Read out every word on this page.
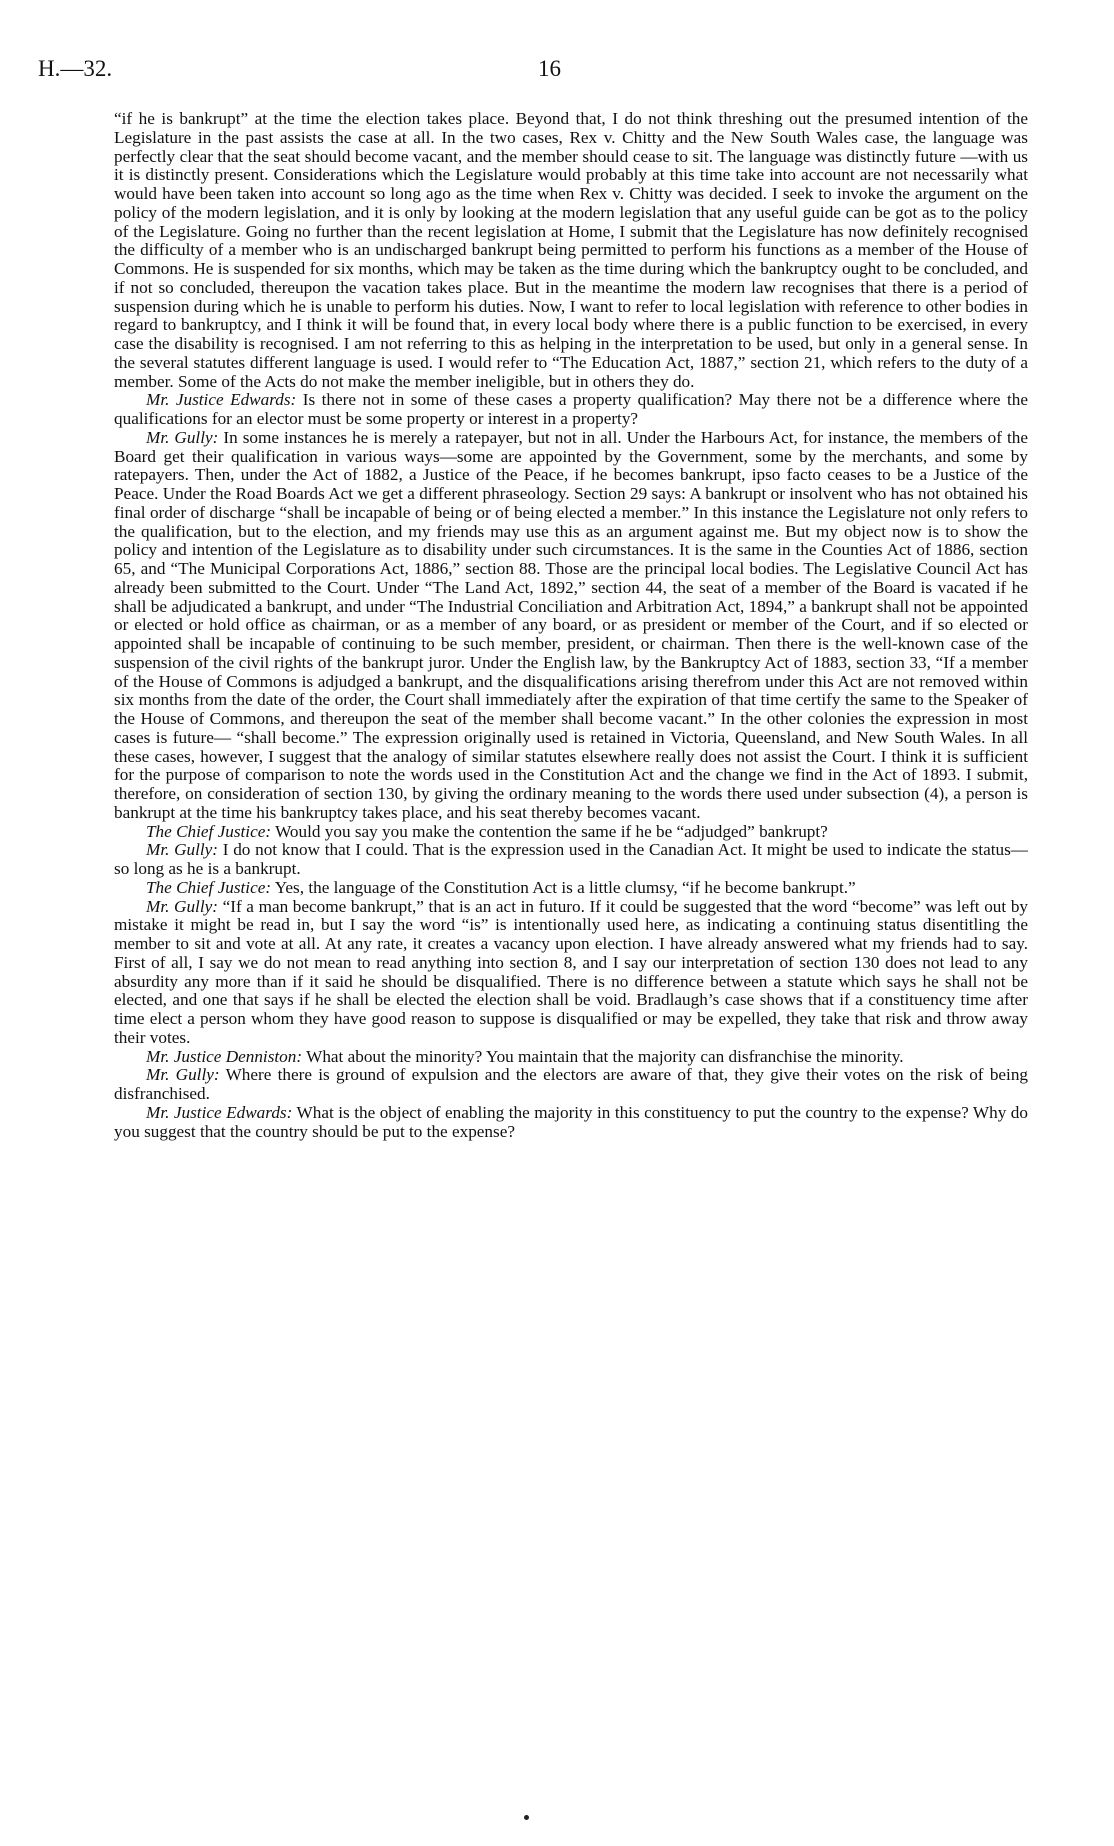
H.—32.	16

“if he is bankrupt” at the time the election takes place. Beyond that, I do not think threshing out the presumed intention of the Legislature in the past assists the case at all. In the two cases, Rex v. Chitty and the New South Wales case, the language was perfectly clear that the seat should become vacant, and the member should cease to sit. The language was distinctly future —with us it is distinctly present. Considerations which the Legislature would probably at this time take into account are not necessarily what would have been taken into account so long ago as the time when Rex v. Chitty was decided. I seek to invoke the argument on the policy of the modern legislation, and it is only by looking at the modern legislation that any useful guide can be got as to the policy of the Legislature. Going no further than the recent legislation at Home, I submit that the Legislature has now definitely recognised the difficulty of a member who is an undischarged bankrupt being permitted to perform his functions as a member of the House of Commons. He is suspended for six months, which may be taken as the time during which the bankruptcy ought to be concluded, and if not so concluded, thereupon the vacation takes place. But in the meantime the modern law recognises that there is a period of suspension during which he is unable to perform his duties. Now, I want to refer to local legislation with reference to other bodies in regard to bankruptcy, and I think it will be found that, in every local body where there is a public function to be exercised, in every case the disability is recognised. I am not referring to this as helping in the interpretation to be used, but only in a general sense. In the several statutes different language is used. I would refer to “The Education Act, 1887,” section 21, which refers to the duty of a member. Some of the Acts do not make the member ineligible, but in others they do.

Mr. Justice Edwards: Is there not in some of these cases a property qualification? May there not be a difference where the qualifications for an elector must be some property or interest in a property?

Mr. Gully: In some instances he is merely a ratepayer, but not in all. Under the Harbours Act, for instance, the members of the Board get their qualification in various ways—some are appointed by the Government, some by the merchants, and some by ratepayers. Then, under the Act of 1882, a Justice of the Peace, if he becomes bankrupt, ipso facto ceases to be a Justice of the Peace. Under the Road Boards Act we get a different phraseology. Section 29 says: A bankrupt or insolvent who has not obtained his final order of discharge “shall be incapable of being or of being elected a member.” In this instance the Legislature not only refers to the qualification, but to the election, and my friends may use this as an argument against me. But my object now is to show the policy and intention of the Legislature as to disability under such circumstances. It is the same in the Counties Act of 1886, section 65, and “The Municipal Corporations Act, 1886,” section 88. Those are the principal local bodies. The Legislative Council Act has already been submitted to the Court. Under “The Land Act, 1892,” section 44, the seat of a member of the Board is vacated if he shall be adjudicated a bankrupt, and under “The Industrial Conciliation and Arbitration Act, 1894,” a bankrupt shall not be appointed or elected or hold office as chairman, or as a member of any board, or as president or member of the Court, and if so elected or appointed shall be incapable of continuing to be such member, president, or chairman. Then there is the well-known case of the suspension of the civil rights of the bankrupt juror. Under the English law, by the Bankruptcy Act of 1883, section 33, “If a member of the House of Commons is adjudged a bankrupt, and the disqualifications arising therefrom under this Act are not removed within six months from the date of the order, the Court shall immediately after the expiration of that time certify the same to the Speaker of the House of Commons, and thereupon the seat of the member shall become vacant.” In the other colonies the expression in most cases is future— “shall become.” The expression originally used is retained in Victoria, Queensland, and New South Wales. In all these cases, however, I suggest that the analogy of similar statutes elsewhere really does not assist the Court. I think it is sufficient for the purpose of comparison to note the words used in the Constitution Act and the change we find in the Act of 1893. I submit, therefore, on consideration of section 130, by giving the ordinary meaning to the words there used under subsection (4), a person is bankrupt at the time his bankruptcy takes place, and his seat thereby becomes vacant.

The Chief Justice: Would you say you make the contention the same if he be “adjudged” bankrupt?

Mr. Gully: I do not know that I could. That is the expression used in the Canadian Act. It might be used to indicate the status—so long as he is a bankrupt.

The Chief Justice: Yes, the language of the Constitution Act is a little clumsy, “if he become bankrupt.”

Mr. Gully: “If a man become bankrupt,” that is an act in futuro. If it could be suggested that the word “become” was left out by mistake it might be read in, but I say the word “is” is intentionally used here, as indicating a continuing status disentitling the member to sit and vote at all. At any rate, it creates a vacancy upon election. I have already answered what my friends had to say. First of all, I say we do not mean to read anything into section 8, and I say our interpretation of section 130 does not lead to any absurdity any more than if it said he should be disqualified. There is no difference between a statute which says he shall not be elected, and one that says if he shall be elected the election shall be void. Bradlaugh’s case shows that if a constituency time after time elect a person whom they have good reason to suppose is disqualified or may be expelled, they take that risk and throw away their votes.

Mr. Justice Denniston: What about the minority? You maintain that the majority can disfranchise the minority.

Mr. Gully: Where there is ground of expulsion and the electors are aware of that, they give their votes on the risk of being disfranchised.

Mr. Justice Edwards: What is the object of enabling the majority in this constituency to put the country to the expense? Why do you suggest that the country should be put to the expense?
